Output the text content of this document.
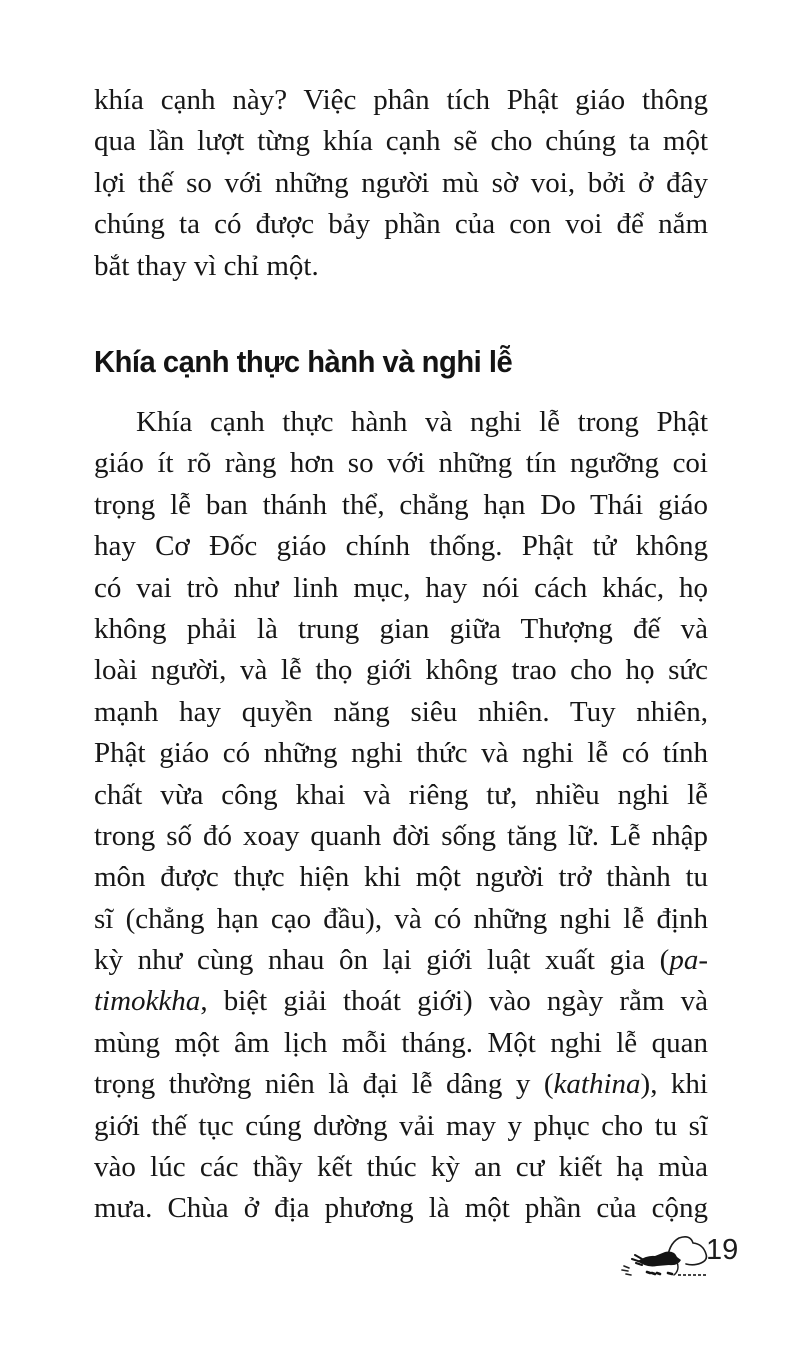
khía cạnh này? Việc phân tích Phật giáo thông
qua lần lượt từng khía cạnh sẽ cho chúng ta một
lợi thế so với những người mù sờ voi, bởi ở đây
chúng ta có được bảy phần của con voi để nắm
bắt thay vì chỉ một.
Khía cạnh thực hành và nghi lễ
Khía cạnh thực hành và nghi lễ trong Phật
giáo ít rõ ràng hơn so với những tín ngưỡng coi
trọng lễ ban thánh thể, chẳng hạn Do Thái giáo
hay Cơ Đốc giáo chính thống. Phật tử không
có vai trò như linh mục, hay nói cách khác, họ
không phải là trung gian giữa Thượng đế và
loài người, và lễ thọ giới không trao cho họ sức
mạnh hay quyền năng siêu nhiên. Tuy nhiên,
Phật giáo có những nghi thức và nghi lễ có tính
chất vừa công khai và riêng tư, nhiều nghi lễ
trong số đó xoay quanh đời sống tăng lữ. Lễ nhập
môn được thực hiện khi một người trở thành tu
sĩ (chẳng hạn cạo đầu), và có những nghi lễ định
kỳ như cùng nhau ôn lại giới luật xuất gia (pa-
timokkha, biệt giải thoát giới) vào ngày rằm và
mùng một âm lịch mỗi tháng. Một nghi lễ quan
trọng thường niên là đại lễ dâng y (kathina), khi
giới thế tục cúng dường vải may y phục cho tu sĩ
vào lúc các thầy kết thúc kỳ an cư kiết hạ mùa
mưa. Chùa ở địa phương là một phần của cộng
19
